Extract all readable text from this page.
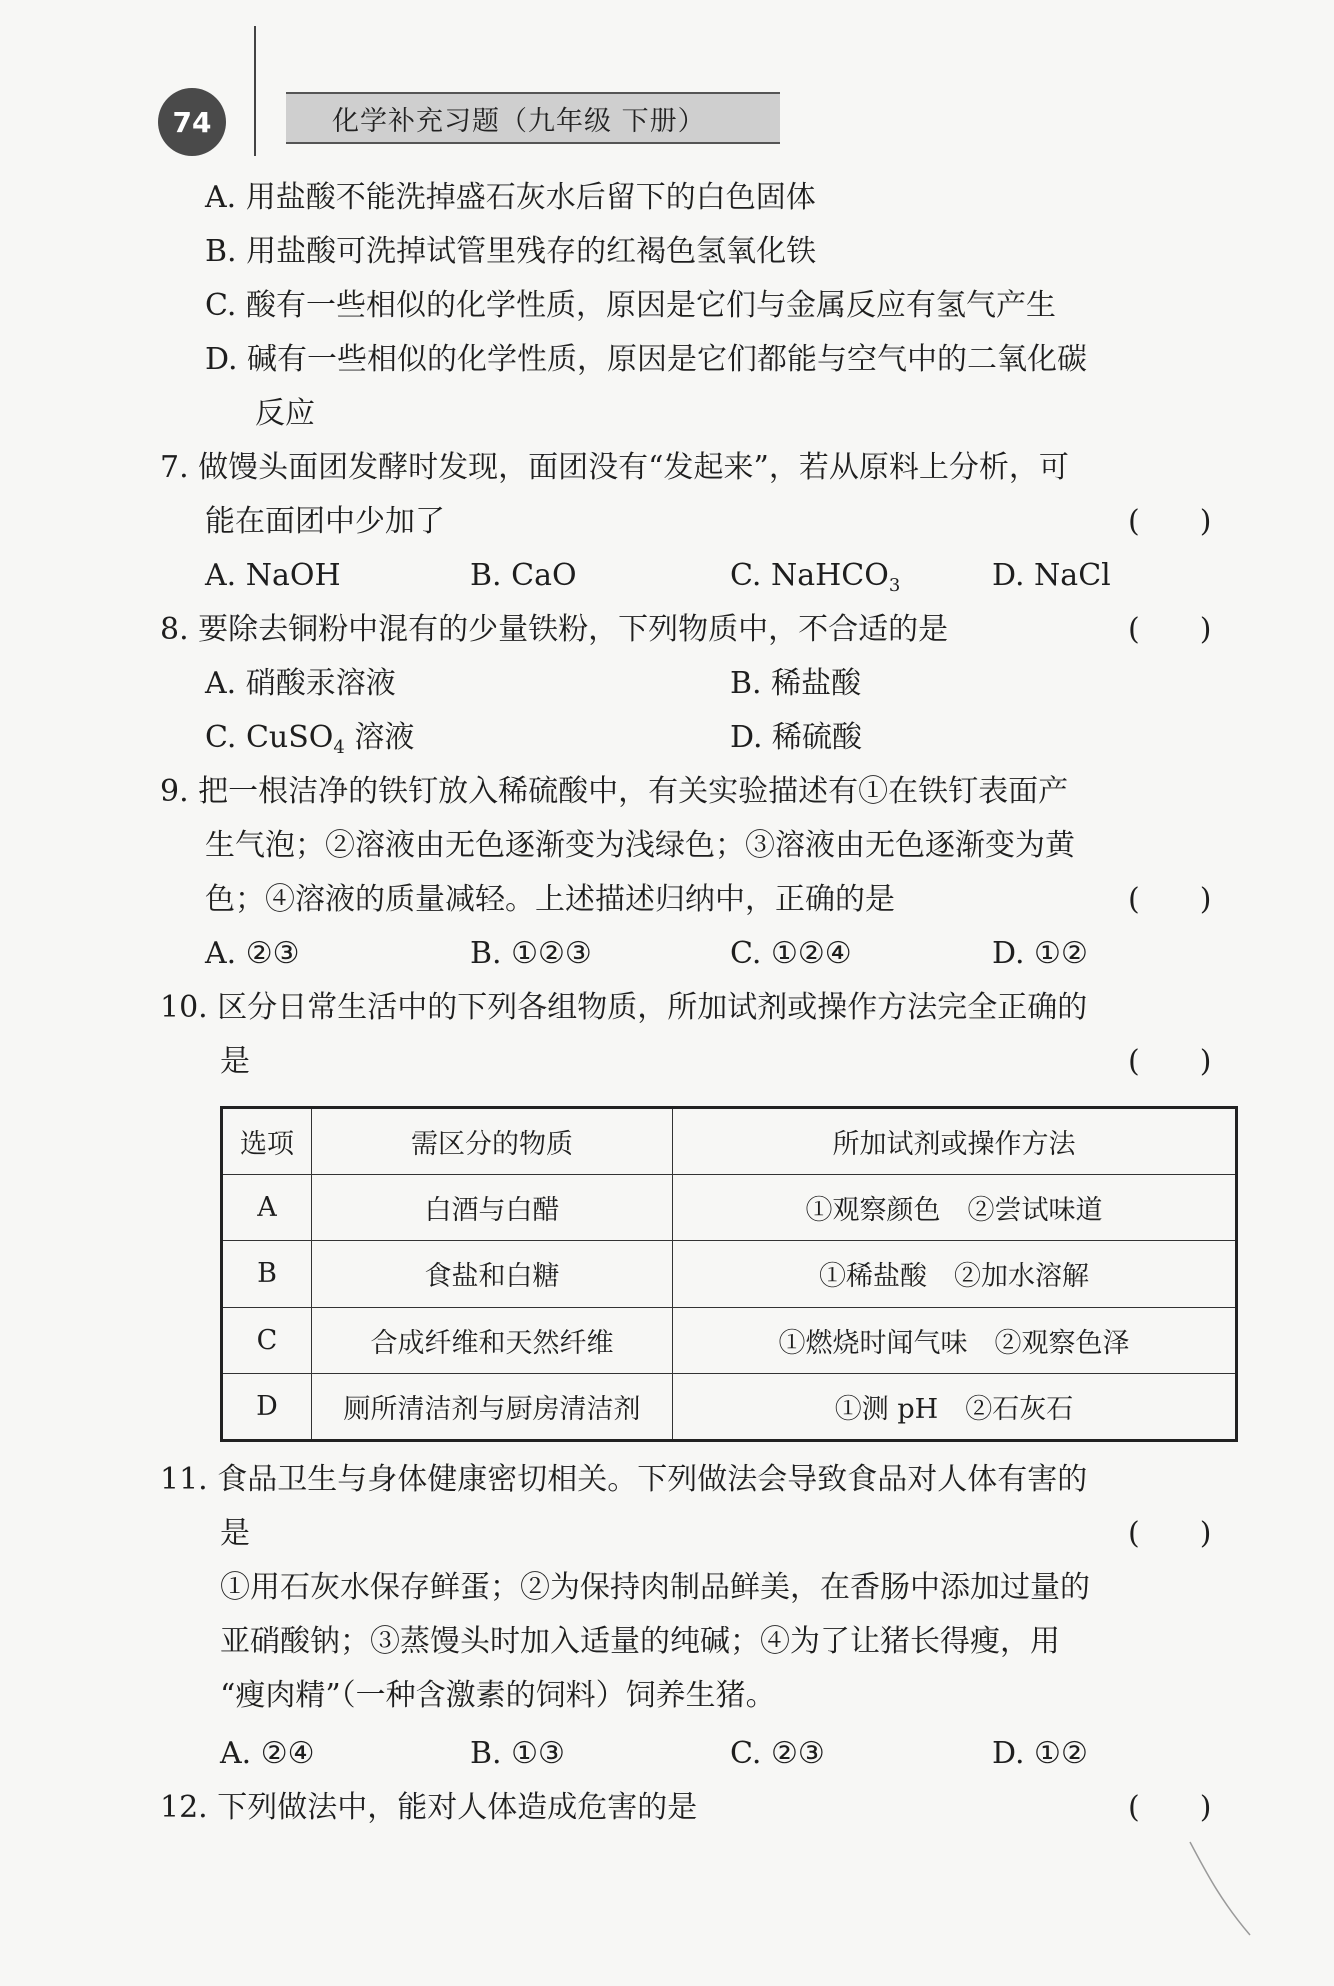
74	化学补充习题（九年级 下册）
A. 用盐酸不能洗掉盛石灰水后留下的白色固体
B. 用盐酸可洗掉试管里残存的红褐色氢氧化铁
C. 酸有一些相似的化学性质，原因是它们与金属反应有氢气产生
D. 碱有一些相似的化学性质，原因是它们都能与空气中的二氧化碳
反应
7. 做馒头面团发酵时发现，面团没有“发起来”，若从原料上分析，可
能在面团中少加了	(　　)
A. NaOH	B. CaO	C. NaHCO$_3$	D. NaCl
8. 要除去铜粉中混有的少量铁粉，下列物质中，不合适的是	(　　)
A. 硝酸汞溶液	B. 稀盐酸
C. CuSO$_4$ 溶液	D. 稀硫酸
9. 把一根洁净的铁钉放入稀硫酸中，有关实验描述有①在铁钉表面产
生气泡；②溶液由无色逐渐变为浅绿色；③溶液由无色逐渐变为黄
色；④溶液的质量减轻。上述描述归纳中，正确的是	(　　)
A. ②③	B. ①②③	C. ①②④	D. ①②
10. 区分日常生活中的下列各组物质，所加试剂或操作方法完全正确的
是	(　　)
选项	需区分的物质	所加试剂或操作方法
A	白酒与白醋	①观察颜色　②尝试味道
B	食盐和白糖	①稀盐酸　②加水溶解
C	合成纤维和天然纤维	①燃烧时闻气味　②观察色泽
D	厕所清洁剂与厨房清洁剂	①测 pH　②石灰石
11. 食品卫生与身体健康密切相关。下列做法会导致食品对人体有害的
是	(　　)
①用石灰水保存鲜蛋；②为保持肉制品鲜美，在香肠中添加过量的
亚硝酸钠；③蒸馒头时加入适量的纯碱；④为了让猪长得瘦，用
“瘦肉精”（一种含激素的饲料）饲养生猪。
A. ②④	B. ①③	C. ②③	D. ①②
12. 下列做法中，能对人体造成危害的是	(　　)
